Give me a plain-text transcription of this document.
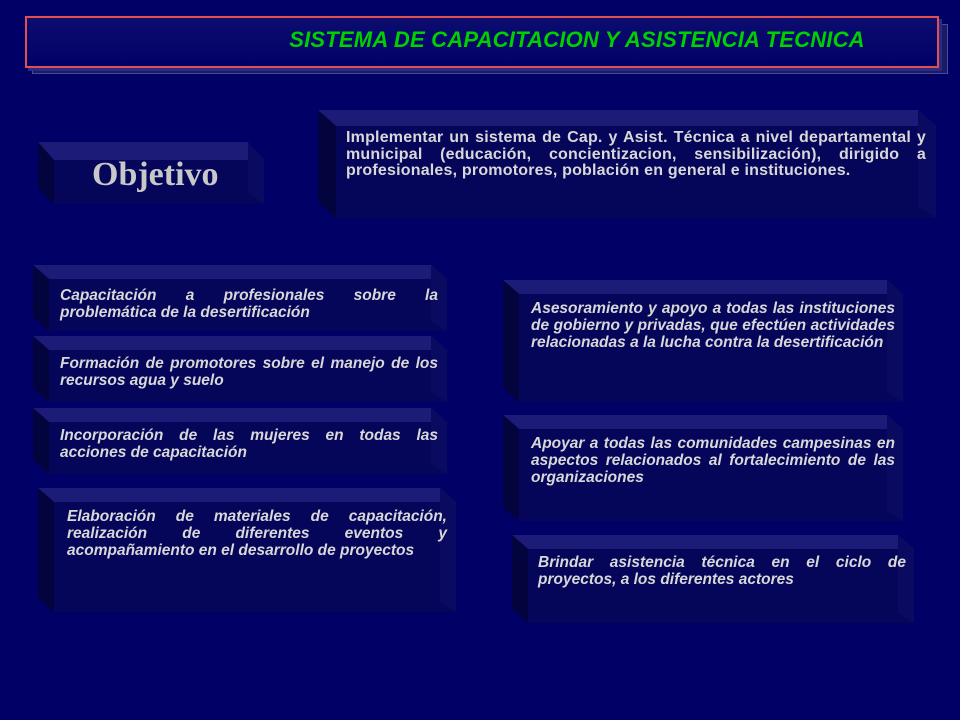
SISTEMA DE CAPACITACION Y ASISTENCIA TECNICA
Objetivo
Implementar un sistema de Cap. y Asist. Técnica a nivel departamental y municipal (educación, concientizacion, sensibilización), dirigido a profesionales, promotores, población en general e instituciones.
Capacitación a profesionales sobre la problemática de la desertificación
Formación de promotores sobre el manejo de los recursos agua y suelo
Incorporación de las mujeres en todas las acciones de capacitación
Elaboración de materiales de capacitación, realización de diferentes eventos y acompañamiento en el desarrollo de proyectos
Asesoramiento y apoyo a todas las instituciones de gobierno y privadas, que efectúen actividades relacionadas a la lucha contra la desertificación
Apoyar a todas las comunidades campesinas en aspectos relacionados al fortalecimiento de las organizaciones
Brindar asistencia técnica en el ciclo de proyectos, a los diferentes actores
